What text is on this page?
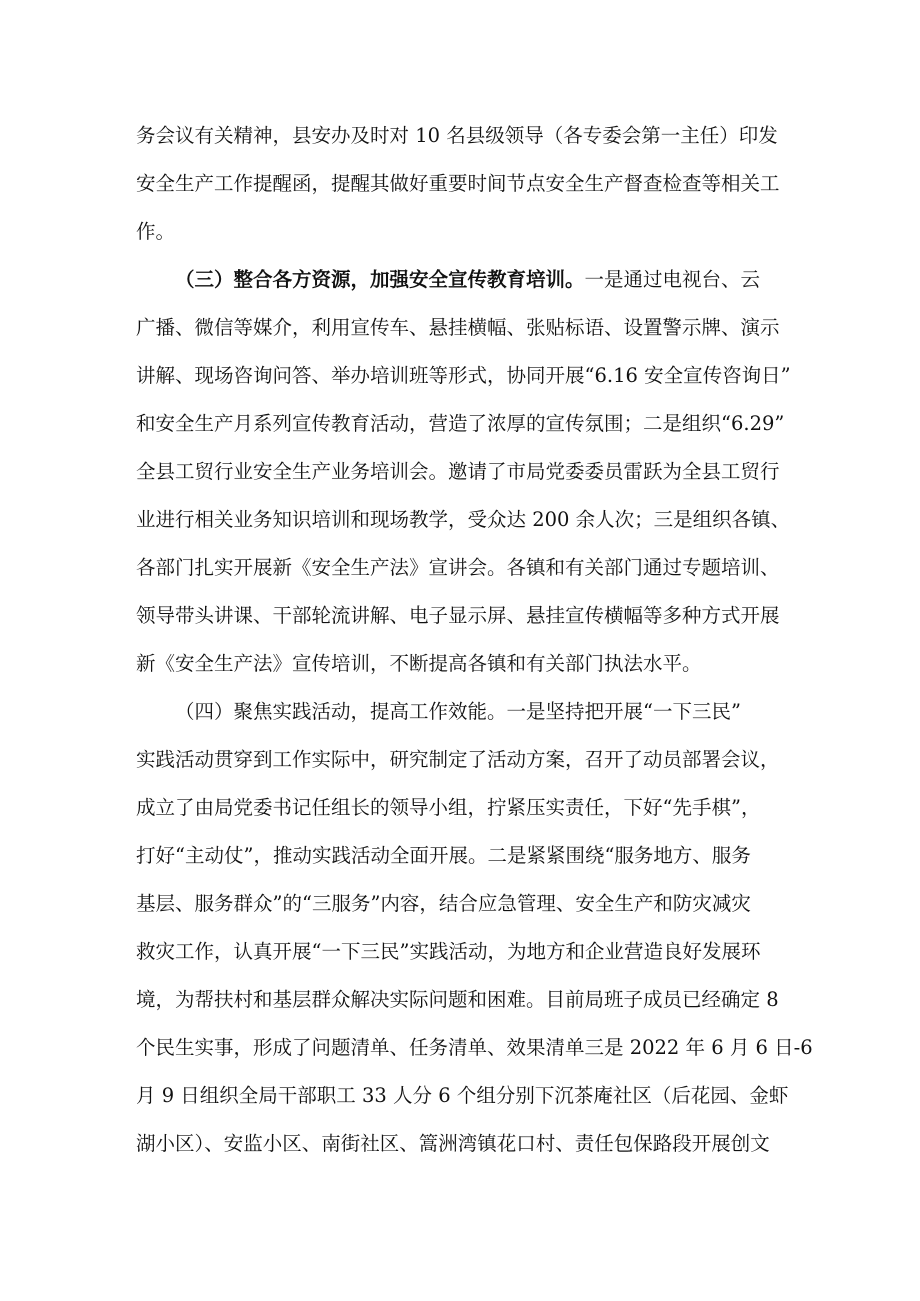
务会议有关精神，县安办及时对 10 名县级领导（各专委会第一主任）印发
安全生产工作提醒函，提醒其做好重要时间节点安全生产督查检查等相关工
作。
（三）整合各方资源，加强安全宣传教育培训。一是通过电视台、云
广播、微信等媒介，利用宣传车、悬挂横幅、张贴标语、设置警示牌、演示
讲解、现场咨询问答、举办培训班等形式，协同开展“6.16 安全宣传咨询日”
和安全生产月系列宣传教育活动，营造了浓厚的宣传氛围；二是组织“6.29”
全县工贸行业安全生产业务培训会。邀请了市局党委委员雷跃为全县工贸行
业进行相关业务知识培训和现场教学，受众达 200 余人次；三是组织各镇、
各部门扎实开展新《安全生产法》宣讲会。各镇和有关部门通过专题培训、
领导带头讲课、干部轮流讲解、电子显示屏、悬挂宣传横幅等多种方式开展
新《安全生产法》宣传培训，不断提高各镇和有关部门执法水平。
（四）聚焦实践活动，提高工作效能。一是坚持把开展“一下三民”
实践活动贯穿到工作实际中，研究制定了活动方案，召开了动员部署会议，
成立了由局党委书记任组长的领导小组，拧紧压实责任，下好“先手棋”，
打好“主动仗”，推动实践活动全面开展。二是紧紧围绕“服务地方、服务
基层、服务群众”的“三服务”内容，结合应急管理、安全生产和防灾减灾
救灾工作，认真开展“一下三民”实践活动，为地方和企业营造良好发展环
境，为帮扶村和基层群众解决实际问题和困难。目前局班子成员已经确定 8
个民生实事，形成了问题清单、任务清单、效果清单三是 2022 年 6 月 6 日-6
月 9 日组织全局干部职工 33 人分 6 个组分别下沉茶庵社区（后花园、金虾
湖小区）、安监小区、南街社区、篙洲湾镇花口村、责任包保路段开展创文
